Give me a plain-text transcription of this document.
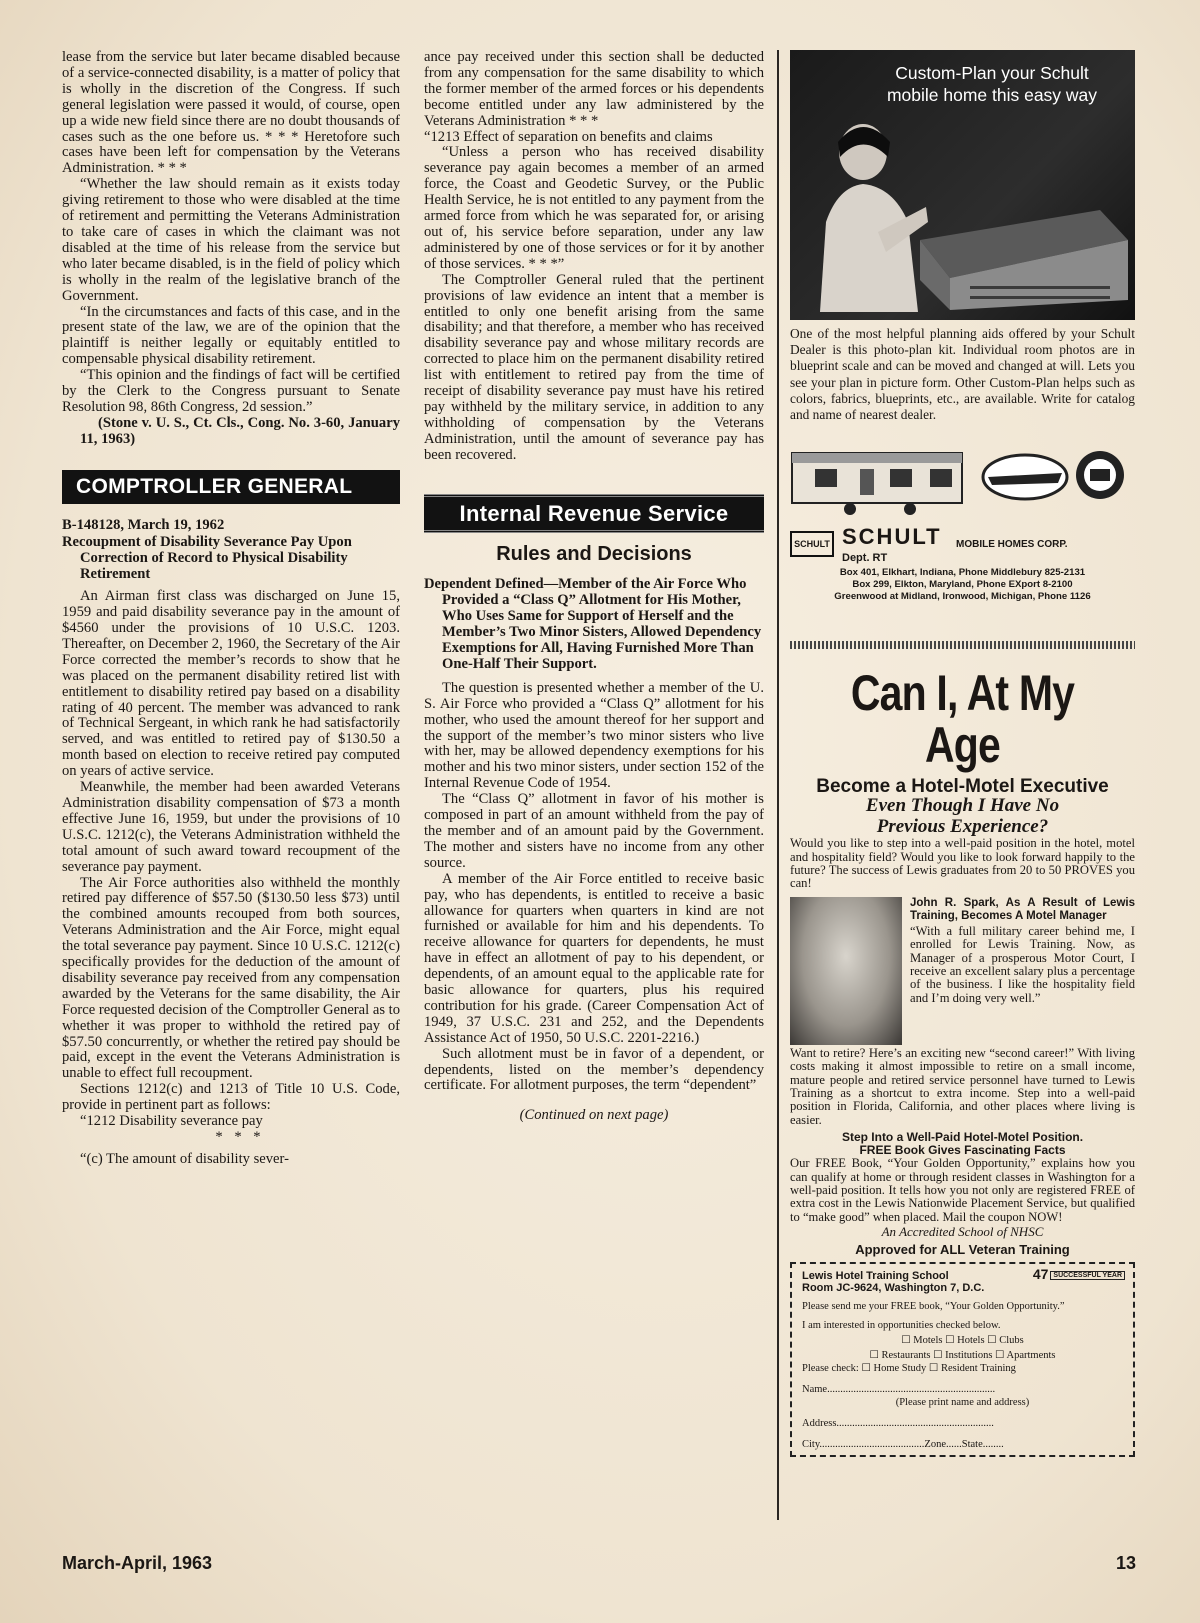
lease from the service but later became disabled because of a service-connected disability, is a matter of policy that is wholly in the discretion of the Congress. If such general legislation were passed it would, of course, open up a wide new field since there are no doubt thousands of cases such as the one before us. * * * Heretofore such cases have been left for compensation by the Veterans Administration. * * *

“Whether the law should remain as it exists today giving retirement to those who were disabled at the time of retirement and permitting the Veterans Administration to take care of cases in which the claimant was not disabled at the time of his release from the service but who later became disabled, is in the field of policy which is wholly in the realm of the legislative branch of the Government.

“In the circumstances and facts of this case, and in the present state of the law, we are of the opinion that the plaintiff is neither legally or equitably entitled to compensable physical disability retirement.

“This opinion and the findings of fact will be certified by the Clerk to the Congress pursuant to Senate Resolution 98, 86th Congress, 2d session.”

(Stone v. U. S., Ct. Cls., Cong. No. 3-60, January 11, 1963)

COMPTROLLER GENERAL
B-148128, March 19, 1962
Recoupment of Disability Severance Pay Upon Correction of Record to Physical Disability Retirement

An Airman first class was discharged on June 15, 1959 and paid disability severance pay in the amount of $4560 under the provisions of 10 U.S.C. 1203. Thereafter, on December 2, 1960, the Secretary of the Air Force corrected the member’s records to show that he was placed on the permanent disability retired list with entitlement to disability retired pay based on a disability rating of 40 percent. The member was advanced to rank of Technical Sergeant, in which rank he had satisfactorily served, and was entitled to retired pay of $130.50 a month based on election to receive retired pay computed on years of active service.

Meanwhile, the member had been awarded Veterans Administration disability compensation of $73 a month effective June 16, 1959, but under the provisions of 10 U.S.C. 1212(c), the Veterans Administration withheld the total amount of such award toward recoupment of the severance pay payment.

The Air Force authorities also withheld the monthly retired pay difference of $57.50 ($130.50 less $73) until the combined amounts recouped from both sources, Veterans Administration and the Air Force, might equal the total severance pay payment. Since 10 U.S.C. 1212(c) specifically provides for the deduction of the amount of disability severance pay received from any compensation awarded by the Veterans for the same disability, the Air Force requested decision of the Comptroller General as to whether it was proper to withhold the retired pay of $57.50 concurrently, or whether the retired pay should be paid, except in the event the Veterans Administration is unable to effect full recoupment.

Sections 1212(c) and 1213 of Title 10 U.S. Code, provide in pertinent part as follows:

“1212 Disability severance pay

* * *

“(c) The amount of disability sever-

ance pay received under this section shall be deducted from any compensation for the same disability to which the former member of the armed forces or his dependents become entitled under any law administered by the Veterans Administration * * *

“1213 Effect of separation on benefits and claims

“Unless a person who has received disability severance pay again becomes a member of an armed force, the Coast and Geodetic Survey, or the Public Health Service, he is not entitled to any payment from the armed force from which he was separated for, or arising out of, his service before separation, under any law administered by one of those services or for it by another of those services. * * *”

The Comptroller General ruled that the pertinent provisions of law evidence an intent that a member is entitled to only one benefit arising from the same disability; and that therefore, a member who has received disability severance pay and whose military records are corrected to place him on the permanent disability retired list with entitlement to retired pay from the time of receipt of disability severance pay must have his retired pay withheld by the military service, in addition to any withholding of compensation by the Veterans Administration, until the amount of severance pay has been recovered.

Internal Revenue Service
Rules and Decisions
Dependent Defined—Member of the Air Force Who Provided a “Class Q” Allotment for His Mother, Who Uses Same for Support of Herself and the Member’s Two Minor Sisters, Allowed Dependency Exemptions for All, Having Furnished More Than One-Half Their Support.

The question is presented whether a member of the U. S. Air Force who provided a “Class Q” allotment for his mother, who used the amount thereof for her support and the support of the member’s two minor sisters who live with her, may be allowed dependency exemptions for his mother and his two minor sisters, under section 152 of the Internal Revenue Code of 1954.

The “Class Q” allotment in favor of his mother is composed in part of an amount withheld from the pay of the member and of an amount paid by the Government. The mother and sisters have no income from any other source.

A member of the Air Force entitled to receive basic pay, who has dependents, is entitled to receive a basic allowance for quarters when quarters in kind are not furnished or available for him and his dependents. To receive allowance for quarters for dependents, he must have in effect an allotment of pay to his dependent, or dependents, of an amount equal to the applicable rate for basic allowance for quarters, plus his required contribution for his grade. (Career Compensation Act of 1949, 37 U.S.C. 231 and 252, and the Dependents Assistance Act of 1950, 50 U.S.C. 2201-2216.)

Such allotment must be in favor of a dependent, or dependents, listed on the member’s dependency certificate. For allotment purposes, the term “dependent”

(Continued on next page)
Custom-Plan your Schult mobile home this easy way
One of the most helpful planning aids offered by your Schult Dealer is this photo-plan kit. Individual room photos are in blueprint scale and can be moved and changed at will. Lets you see your plan in picture form. Other Custom-Plan helps such as colors, fabrics, blueprints, etc., are available. Write for catalog and name of nearest dealer.
SCHULT SCHULT MOBILE HOMES CORP.
Dept. RT
Box 401, Elkhart, Indiana, Phone Middlebury 825-2131
Box 299, Elkton, Maryland, Phone EXport 8-2100
Greenwood at Midland, Ironwood, Michigan, Phone 1126
Can I, At My Age
Become a Hotel-Motel Executive
Even Though I Have No
Previous Experience?
Would you like to step into a well-paid position in the hotel, motel and hospitality field? Would you like to look forward happily to the future? The success of Lewis graduates from 20 to 50 PROVES you can!
John R. Spark, As A Result of Lewis Training, Becomes A Motel Manager
“With a full military career behind me, I enrolled for Lewis Training. Now, as Manager of a prosperous Motor Court, I receive an excellent salary plus a percentage of the business. I like the hospitality field and I’m doing very well.”
Want to retire? Here’s an exciting new “second career!” With living costs making it almost impossible to retire on a small income, mature people and retired service personnel have turned to Lewis Training as a shortcut to extra income. Step into a well-paid position in Florida, California, and other places where living is easier.
Step Into a Well-Paid Hotel-Motel Position.
FREE Book Gives Fascinating Facts
Our FREE Book, “Your Golden Opportunity,” explains how you can qualify at home or through resident classes in Washington for a well-paid position. It tells how you not only are registered FREE of extra cost in the Lewis Nationwide Placement Service, but qualified to “make good” when placed. Mail the coupon NOW!
An Accredited School of NHSC
Approved for ALL Veteran Training
47 SUCCESSFUL YEAR
Lewis Hotel Training School
Room JC-9624, Washington 7, D.C.
Please send me your FREE book, “Your Golden Opportunity.”
I am interested in opportunities checked below.
☐ Motels ☐ Hotels ☐ Clubs
☐ Restaurants ☐ Institutions ☐ Apartments
Please check: ☐ Home Study ☐ Resident Training
Name................................................................
(Please print name and address)
Address............................................................
City........................................Zone......State........
March-April, 1963	13
